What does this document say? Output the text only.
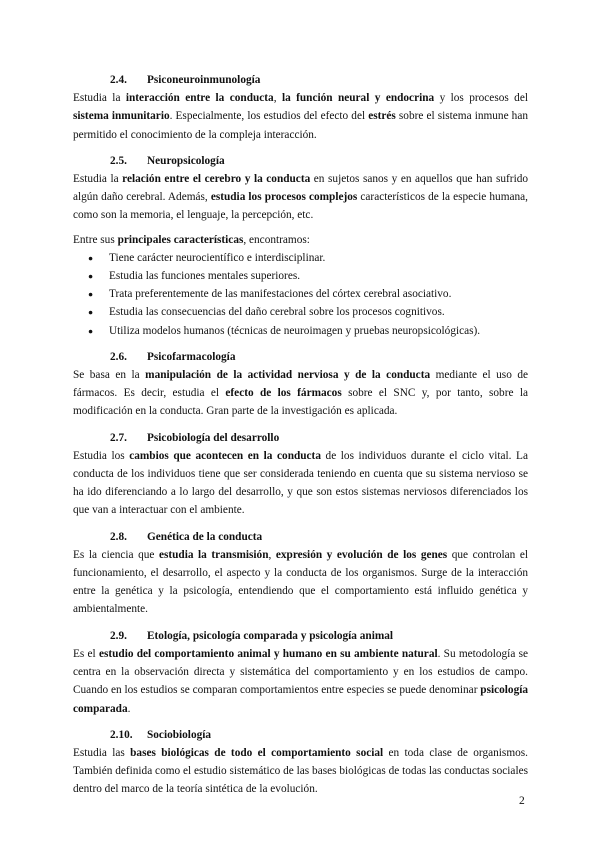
2.4. Psiconeuroinmunología

Estudia la interacción entre la conducta, la función neural y endocrina y los procesos del sistema inmunitario. Especialmente, los estudios del efecto del estrés sobre el sistema inmune han permitido el conocimiento de la compleja interacción.

2.5. Neuropsicología

Estudia la relación entre el cerebro y la conducta en sujetos sanos y en aquellos que han sufrido algún daño cerebral. Además, estudia los procesos complejos característicos de la especie humana, como son la memoria, el lenguaje, la percepción, etc.

Entre sus principales características, encontramos:

● Tiene carácter neurocientífico e interdisciplinar.
● Estudia las funciones mentales superiores.
● Trata preferentemente de las manifestaciones del córtex cerebral asociativo.
● Estudia las consecuencias del daño cerebral sobre los procesos cognitivos.
● Utiliza modelos humanos (técnicas de neuroimagen y pruebas neuropsicológicas).

2.6. Psicofarmacología

Se basa en la manipulación de la actividad nerviosa y de la conducta mediante el uso de fármacos. Es decir, estudia el efecto de los fármacos sobre el SNC y, por tanto, sobre la modificación en la conducta. Gran parte de la investigación es aplicada.

2.7. Psicobiología del desarrollo

Estudia los cambios que acontecen en la conducta de los individuos durante el ciclo vital. La conducta de los individuos tiene que ser considerada teniendo en cuenta que su sistema nervioso se ha ido diferenciando a lo largo del desarrollo, y que son estos sistemas nerviosos diferenciados los que van a interactuar con el ambiente.

2.8. Genética de la conducta

Es la ciencia que estudia la transmisión, expresión y evolución de los genes que controlan el funcionamiento, el desarrollo, el aspecto y la conducta de los organismos. Surge de la interacción entre la genética y la psicología, entendiendo que el comportamiento está influido genética y ambientalmente.

2.9. Etología, psicología comparada y psicología animal

Es el estudio del comportamiento animal y humano en su ambiente natural. Su metodología se centra en la observación directa y sistemática del comportamiento y en los estudios de campo. Cuando en los estudios se comparan comportamientos entre especies se puede denominar psicología comparada.

2.10. Sociobiología

Estudia las bases biológicas de todo el comportamiento social en toda clase de organismos. También definida como el estudio sistemático de las bases biológicas de todas las conductas sociales dentro del marco de la teoría sintética de la evolución.

2
